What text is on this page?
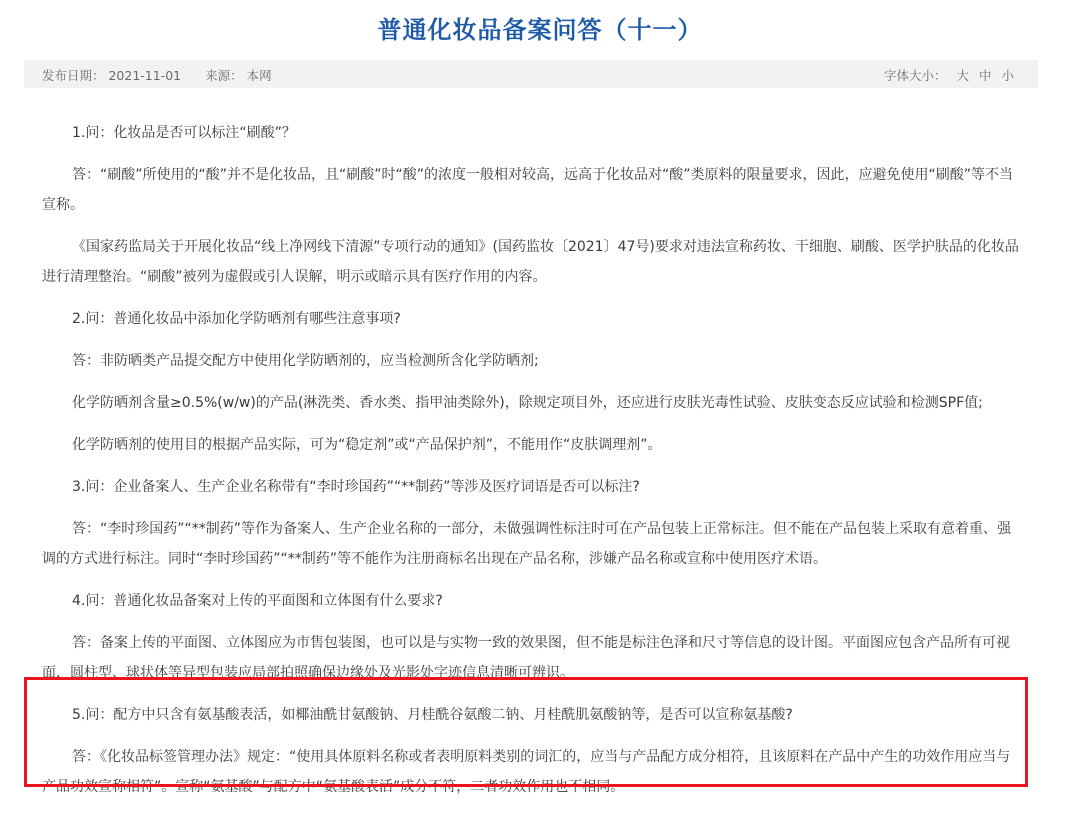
普通化妆品备案问答（十一）
发布日期： 2021-11-01 来源： 本网	字体大小： 大 中 小

1.问：化妆品是否可以标注“刷酸”？

答：“刷酸”所使用的“酸”并不是化妆品，且“刷酸”时“酸”的浓度一般相对较高，远高于化妆品对“酸”类原料的限量要求，因此，应避免使用“刷酸”等不当宣称。

《国家药监局关于开展化妆品“线上净网线下清源”专项行动的通知》(国药监妆〔2021〕47号)要求对违法宣称药妆、干细胞、刷酸、医学护肤品的化妆品进行清理整治。“刷酸”被列为虚假或引人误解，明示或暗示具有医疗作用的内容。

2.问：普通化妆品中添加化学防晒剂有哪些注意事项?

答：非防晒类产品提交配方中使用化学防晒剂的，应当检测所含化学防晒剂;

化学防晒剂含量≥0.5%(w/w)的产品(淋洗类、香水类、指甲油类除外)，除规定项目外，还应进行皮肤光毒性试验、皮肤变态反应试验和检测SPF值;

化学防晒剂的使用目的根据产品实际，可为“稳定剂”或“产品保护剂”，不能用作“皮肤调理剂”。

3.问：企业备案人、生产企业名称带有“李时珍国药”“**制药”等涉及医疗词语是否可以标注?

答：“李时珍国药”“**制药”等作为备案人、生产企业名称的一部分，未做强调性标注时可在产品包装上正常标注。但不能在产品包装上采取有意着重、强调的方式进行标注。同时“李时珍国药”“**制药”等不能作为注册商标名出现在产品名称，涉嫌产品名称或宣称中使用医疗术语。

4.问：普通化妆品备案对上传的平面图和立体图有什么要求?

答：备案上传的平面图、立体图应为市售包装图，也可以是与实物一致的效果图，但不能是标注色泽和尺寸等信息的设计图。平面图应包含产品所有可视面，圆柱型、球状体等异型包装应局部拍照确保边缘处及光影处字迹信息清晰可辨识。

5.问：配方中只含有氨基酸表活，如椰油酰甘氨酸钠、月桂酰谷氨酸二钠、月桂酰肌氨酸钠等，是否可以宣称氨基酸?

答：《化妆品标签管理办法》规定：“使用具体原料名称或者表明原料类别的词汇的，应当与产品配方成分相符，且该原料在产品中产生的功效作用应当与产品功效宣称相符”。宣称“氨基酸”与配方中“氨基酸表活”成分不符，二者功效作用也不相同。
